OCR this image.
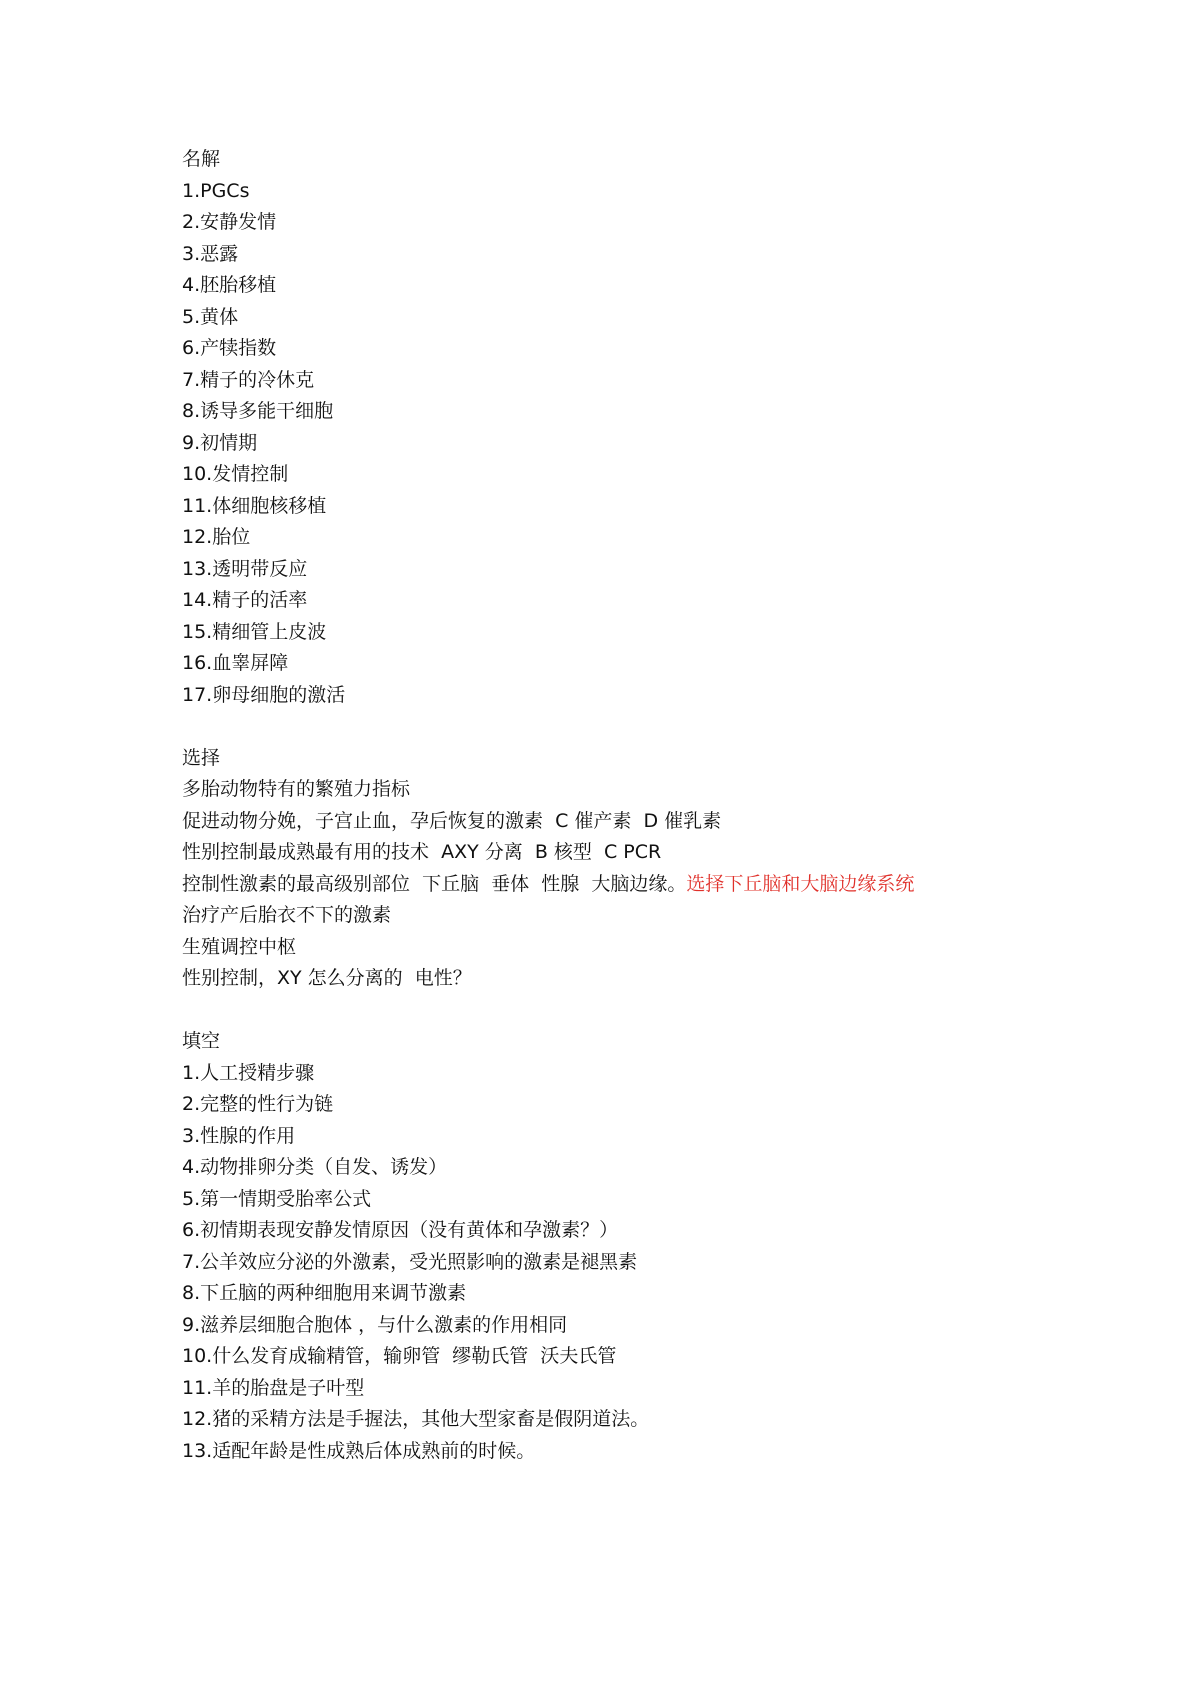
名解
1.PGCs
2.安静发情
3.恶露
4.胚胎移植
5.黄体
6.产犊指数
7.精子的冷休克
8.诱导多能干细胞
9.初情期
10.发情控制
11.体细胞核移植
12.胎位
13.透明带反应
14.精子的活率
15.精细管上皮波
16.血睾屏障
17.卵母细胞的激活
选择
多胎动物特有的繁殖力指标
促进动物分娩，子宫止血，孕后恢复的激素  C 催产素  D 催乳素
性别控制最成熟最有用的技术  AXY 分离  B 核型  C PCR
控制性激素的最高级别部位  下丘脑  垂体  性腺  大脑边缘。选择下丘脑和大脑边缘系统
治疗产后胎衣不下的激素
生殖调控中枢
性别控制，XY 怎么分离的  电性？
填空
1.人工授精步骤
2.完整的性行为链
3.性腺的作用
4.动物排卵分类（自发、诱发）
5.第一情期受胎率公式
6.初情期表现安静发情原因（没有黄体和孕激素？）
7.公羊效应分泌的外激素，受光照影响的激素是褪黑素
8.下丘脑的两种细胞用来调节激素
9.滋养层细胞合胞体 ，与什么激素的作用相同
10.什么发育成输精管，输卵管  缪勒氏管  沃夫氏管
11.羊的胎盘是子叶型
12.猪的采精方法是手握法，其他大型家畜是假阴道法。
13.适配年龄是性成熟后体成熟前的时候。
